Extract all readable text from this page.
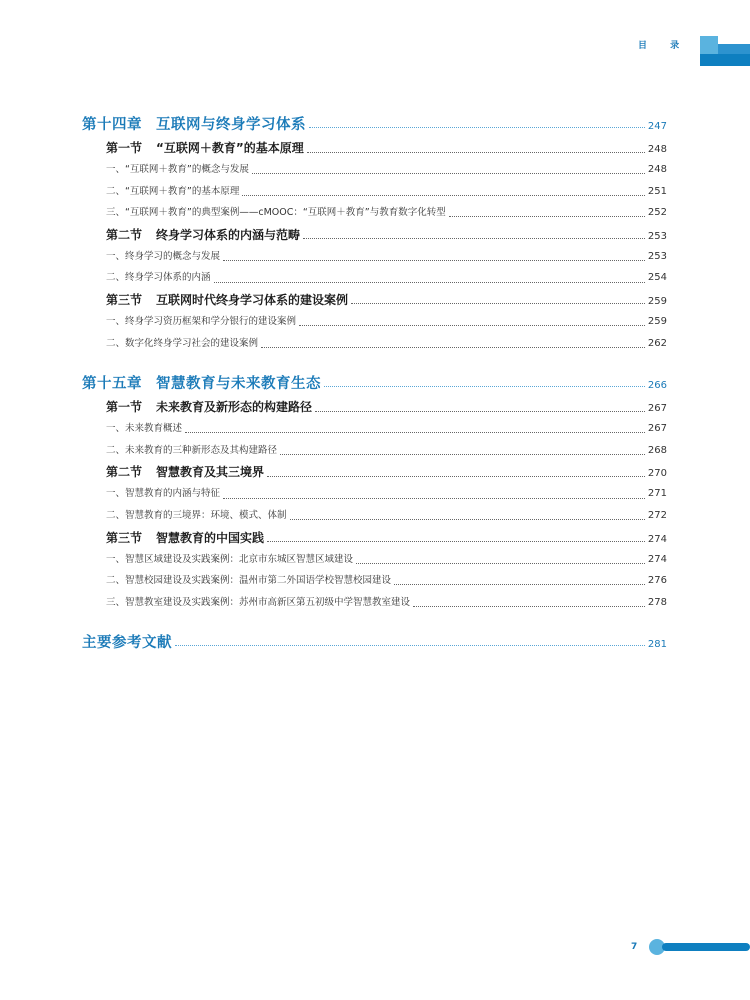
目 录
第十四章 互联网与终身学习体系	247
第一节 “互联网＋教育”的基本原理	248
一、“互联网＋教育”的概念与发展	248
二、“互联网＋教育”的基本原理	251
三、“互联网＋教育”的典型案例——cMOOC：“互联网＋教育”与教育数字化转型	252
第二节 终身学习体系的内涵与范畴	253
一、终身学习的概念与发展	253
二、终身学习体系的内涵	254
第三节 互联网时代终身学习体系的建设案例	259
一、终身学习资历框架和学分银行的建设案例	259
二、数字化终身学习社会的建设案例	262
第十五章 智慧教育与未来教育生态	266
第一节 未来教育及新形态的构建路径	267
一、未来教育概述	267
二、未来教育的三种新形态及其构建路径	268
第二节 智慧教育及其三境界	270
一、智慧教育的内涵与特征	271
二、智慧教育的三境界：环境、模式、体制	272
第三节 智慧教育的中国实践	274
一、智慧区域建设及实践案例：北京市东城区智慧区域建设	274
二、智慧校园建设及实践案例：温州市第二外国语学校智慧校园建设	276
三、智慧教室建设及实践案例：苏州市高新区第五初级中学智慧教室建设	278
主要参考文献	281
7
